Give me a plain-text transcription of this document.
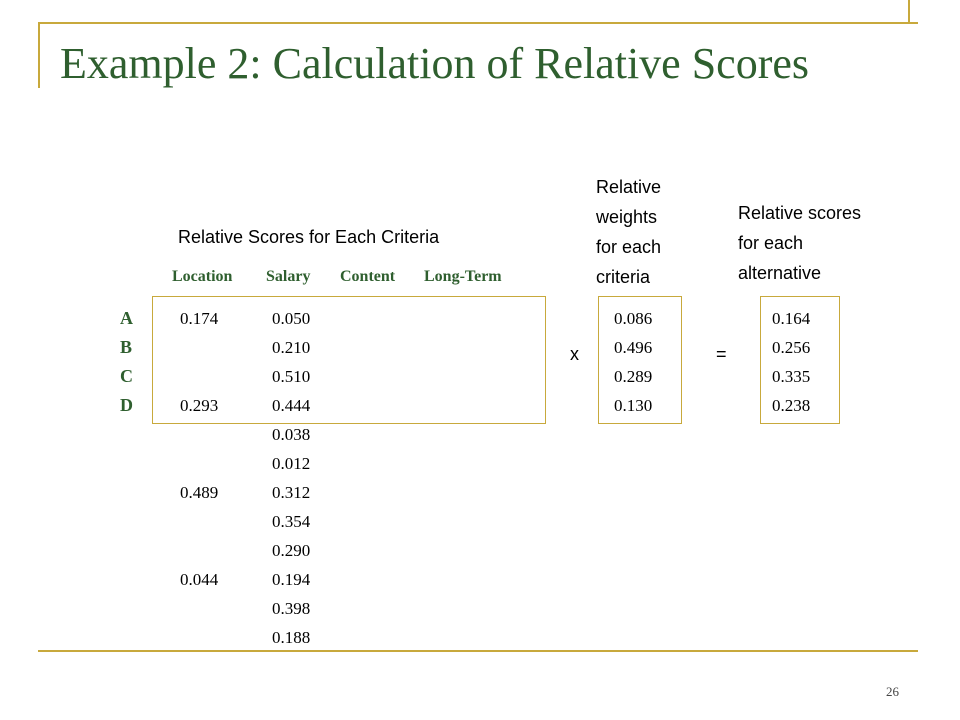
Example 2: Calculation of Relative Scores
Relative Scores for Each Criteria
Relative
weights
for each
criteria
Relative scores
for each
alternative
Location Salary Content Long-Term
A
B
C
D
0.174
0.293
0.489
0.044
0.050
0.210
0.510
0.444
0.038
0.012
0.312
0.354
0.290
0.194
0.398
0.188
x
0.086
0.496
0.289
0.130
=
0.164
0.256
0.335
0.238
26
